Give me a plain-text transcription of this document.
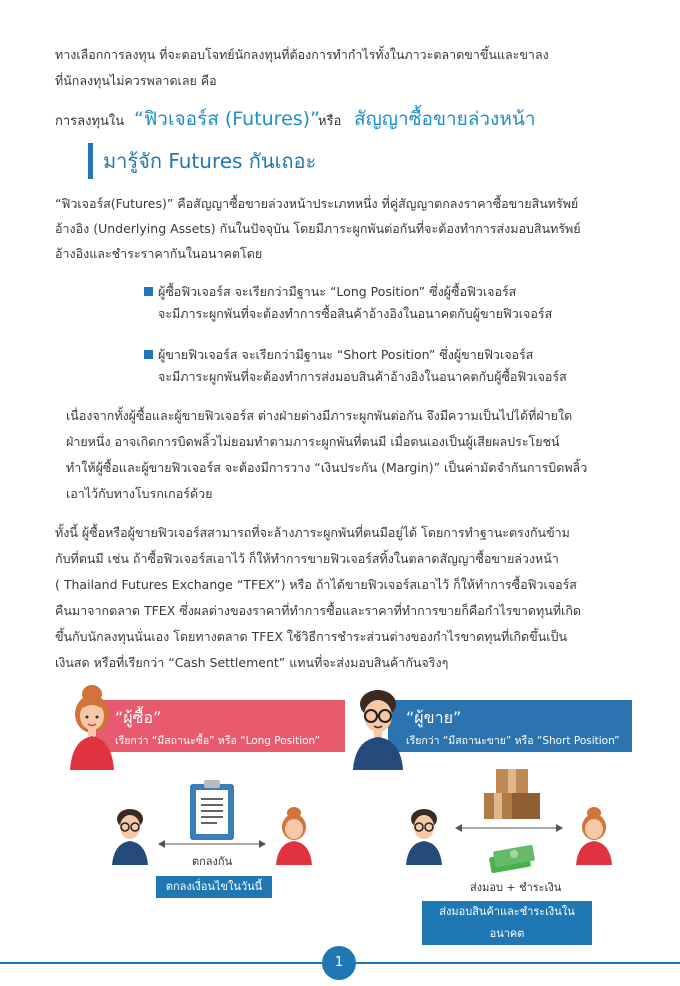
ทางเลือกการลงทุน ที่จะตอบโจทย์นักลงทุนที่ต้องการทำกำไรทั้งในภาวะตลาดขาขึ้นและขาลง
ที่นักลงทุนไม่ควรพลาดเลย คือ
การลงทุนใน “ฟิวเจอร์ส (Futures)”
หรือ สัญญาซื้อขายล่วงหน้า
มารู้จัก Futures กันเถอะ
“ฟิวเจอร์ส(Futures)” คือสัญญาซื้อขายล่วงหน้าประเภทหนึ่ง ที่คู่สัญญาตกลงราคาซื้อขายสินทรัพย์
อ้างอิง (Underlying Assets) กันในปัจจุบัน โดยมีภาระผูกพันต่อกันที่จะต้องทำการส่งมอบสินทรัพย์
อ้างอิงและชำระราคากันในอนาคตโดย
ผู้ซื้อฟิวเจอร์ส จะเรียกว่ามีฐานะ “Long Position” ซึ่งผู้ซื้อฟิวเจอร์ส
จะมีภาระผูกพันที่จะต้องทำการซื้อสินค้าอ้างอิงในอนาคตกับผู้ขายฟิวเจอร์ส
ผู้ขายฟิวเจอร์ส จะเรียกว่ามีฐานะ “Short Position” ซึ่งผู้ขายฟิวเจอร์ส
จะมีภาระผูกพันที่จะต้องทำการส่งมอบสินค้าอ้างอิงในอนาคตกับผู้ซื้อฟิวเจอร์ส
เนื่องจากทั้งผู้ซื้อและผู้ขายฟิวเจอร์ส ต่างฝ่ายต่างมีภาระผูกพันต่อกัน จึงมีความเป็นไปได้ที่ฝ่ายใด
ฝ่ายหนึ่ง อาจเกิดการบิดพลิ้วไม่ยอมทำตามภาระผูกพันที่ตนมี เมื่อตนเองเป็นผู้เสียผลประโยชน์
ทำให้ผู้ซื้อและผู้ขายฟิวเจอร์ส จะต้องมีการวาง “เงินประกัน (Margin)” เป็นค่ามัดจำกันการบิดพลิ้ว
เอาไว้กับทางโบรกเกอร์ด้วย
ทั้งนี้ ผู้ซื้อหรือผู้ขายฟิวเจอร์สสามารถที่จะล้างภาระผูกพันที่ตนมีอยู่ได้ โดยการทำฐานะตรงกันข้าม
กับที่ตนมี เช่น ถ้าซื้อฟิวเจอร์สเอาไว้ ก็ให้ทำการขายฟิวเจอร์สทิ้งในตลาดสัญญาซื้อขายล่วงหน้า
( Thailand Futures Exchange “TFEX”) หรือ ถ้าได้ขายฟิวเจอร์สเอาไว้ ก็ให้ทำการซื้อฟิวเจอร์ส
คืนมาจากตลาด TFEX ซึ่งผลต่างของราคาที่ทำการซื้อและราคาที่ทำการขายก็คือกำไรขาดทุนที่เกิด
ขึ้นกับนักลงทุนนั่นเอง โดยทางตลาด TFEX ใช้วิธีการชำระส่วนต่างของกำไรขาดทุนที่เกิดขึ้นเป็น
เงินสด หรือที่เรียกว่า “Cash Settlement” แทนที่จะส่งมอบสินค้ากันจริงๆ
“ผู้ซื้อ”
เรียกว่า “มีสถานะซื้อ” หรือ “Long Position”
“ผู้ขาย”
เรียกว่า “มีสถานะขาย” หรือ “Short Position”
ตกลงกัน
ตกลงเงื่อนไขในวันนี้	ส่งมอบ + ชำระเงิน
ส่งมอบสินค้าและชำระเงินในอนาคต
1
